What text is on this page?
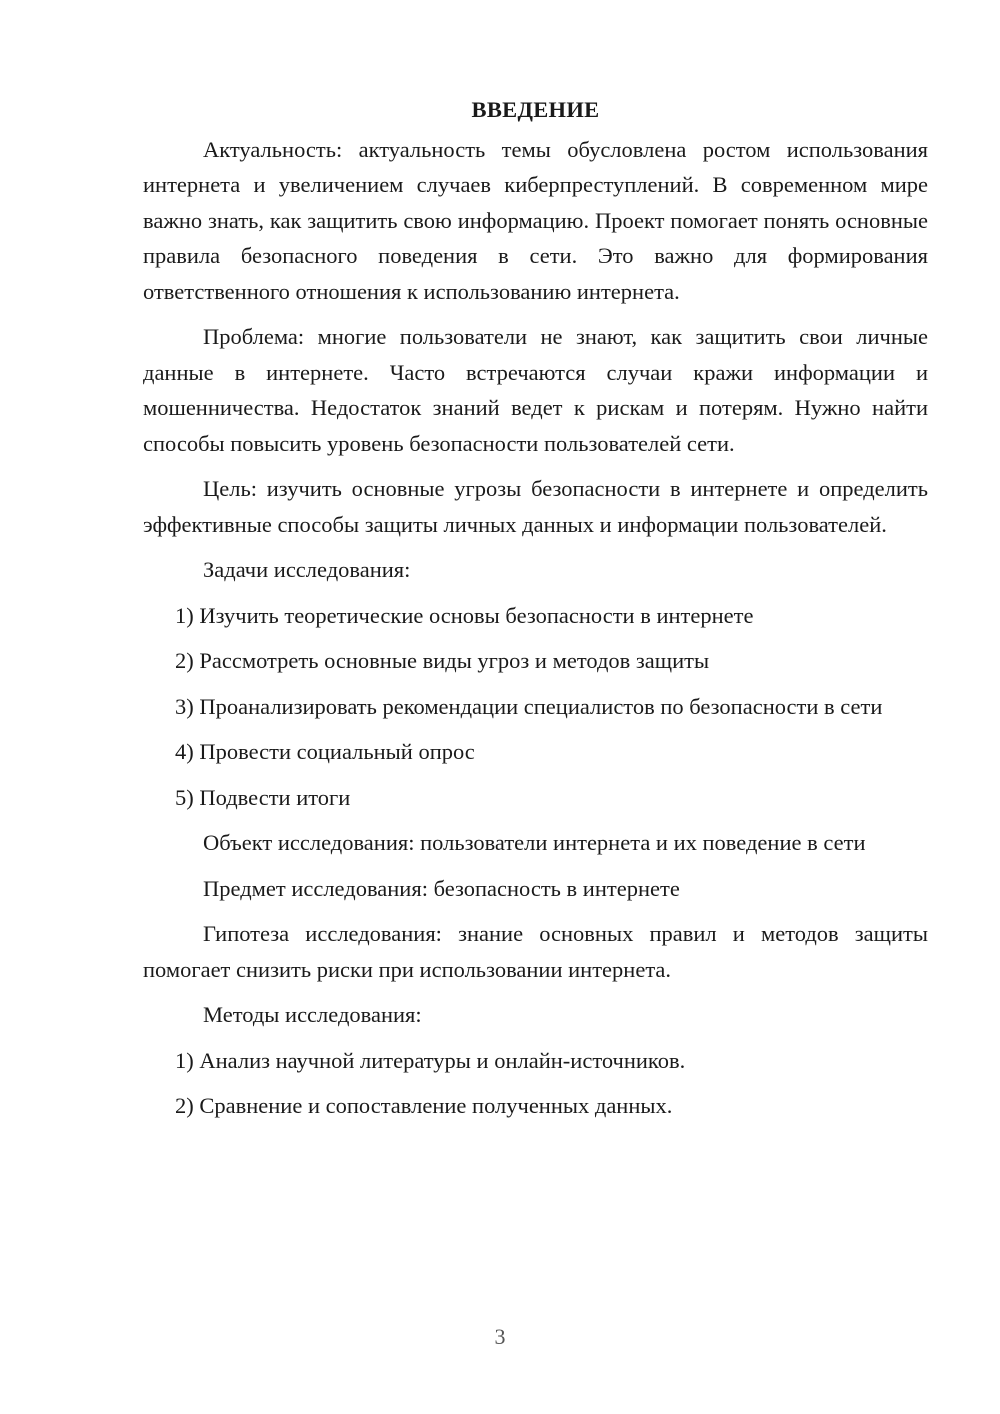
ВВЕДЕНИЕ
Актуальность: актуальность темы обусловлена ростом использования интернета и увеличением случаев киберпреступлений. В современном мире важно знать, как защитить свою информацию. Проект помогает понять основные правила безопасного поведения в сети. Это важно для формирования ответственного отношения к использованию интернета.
Проблема: многие пользователи не знают, как защитить свои личные данные в интернете. Часто встречаются случаи кражи информации и мошенничества. Недостаток знаний ведет к рискам и потерям. Нужно найти способы повысить уровень безопасности пользователей сети.
Цель: изучить основные угрозы безопасности в интернете и определить эффективные способы защиты личных данных и информации пользователей.
Задачи исследования:
1) Изучить теоретические основы безопасности в интернете
2) Рассмотреть основные виды угроз и методов защиты
3) Проанализировать рекомендации специалистов по безопасности в сети
4) Провести социальный опрос
5) Подвести итоги
Объект исследования: пользователи интернета и их поведение в сети
Предмет исследования: безопасность в интернете
Гипотеза исследования: знание основных правил и методов защиты помогает снизить риски при использовании интернета.
Методы исследования:
1) Анализ научной литературы и онлайн-источников.
2) Сравнение и сопоставление полученных данных.
3
